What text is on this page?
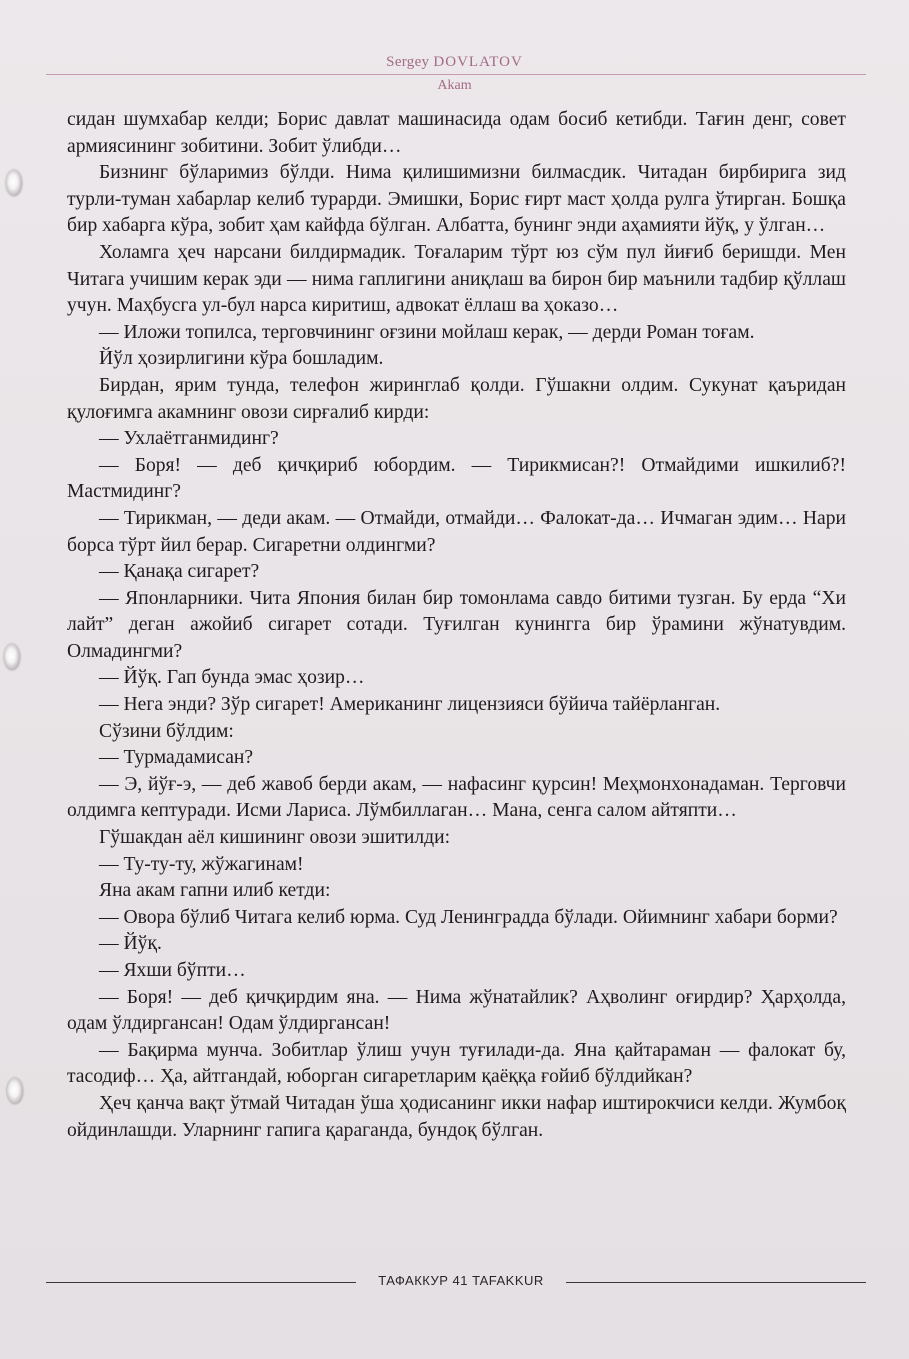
Sergey DOVLATOV
Akam

сидан шумхабар келди; Борис давлат машинасида одам босиб кетибди. Тағин денг, совет армиясининг зобитини. Зобит ўлибди…

Бизнинг бўларимиз бўлди. Нима қилишимизни билмасдик. Читадан бирбирига зид турли-туман хабарлар келиб турарди. Эмишки, Борис ғирт маст ҳолда рулга ўтирган. Бошқа бир хабарга кўра, зобит ҳам кайфда бўлган. Албатта, бунинг энди аҳамияти йўқ, у ўлган…

Холамга ҳеч нарсани билдирмадик. Тоғаларим тўрт юз сўм пул йиғиб беришди. Мен Читага учишим керак эди — нима гаплигини аниқлаш ва бирон бир маънили тадбир қўллаш учун. Маҳбусга ул-бул нарса киритиш, адвокат ёллаш ва ҳоказо…

— Иложи топилса, терговчининг оғзини мойлаш керак, — дерди Роман тоғам.

Йўл ҳозирлигини кўра бошладим.

Бирдан, ярим тунда, телефон жиринглаб қолди. Гўшакни олдим. Сукунат қаъридан қулоғимга акамнинг овози сирғалиб кирди:

— Ухлаётганмидинг?

— Боря! — деб қичқириб юбордим. — Тирикмисан?! Отмайдими ишкилиб?! Мастмидинг?

— Тирикман, — деди акам. — Отмайди, отмайди… Фалокат-да… Ичмаган эдим… Нари борса тўрт йил берар. Сигаретни олдингми?

— Қанақа сигарет?

— Японларники. Чита Япония билан бир томонлама савдо битими тузган. Бу ерда “Хи лайт” деган ажойиб сигарет сотади. Туғилган кунингга бир ўрамини жўнатувдим. Олмадингми?

— Йўқ. Гап бунда эмас ҳозир…

— Нега энди? Зўр сигарет! Американинг лицензияси бўйича тайёрланган.

Сўзини бўлдим:

— Турмадамисан?

— Э, йўғ-э, — деб жавоб берди акам, — нафасинг қурсин! Меҳмонхонадаман. Терговчи олдимга кептуради. Исми Лариса. Лўмбиллаган… Мана, сенга салом айтяпти…

Гўшакдан аёл кишининг овози эшитилди:

— Ту-ту-ту, жўжагинам!

Яна акам гапни илиб кетди:

— Овора бўлиб Читага келиб юрма. Суд Ленинградда бўлади. Ойимнинг хабари борми?

— Йўқ.

— Яхши бўпти…

— Боря! — деб қичқирдим яна. — Нима жўнатайлик? Аҳволинг оғирдир? Ҳарҳолда, одам ўлдиргансан! Одам ўлдиргансан!

— Бақирма мунча. Зобитлар ўлиш учун туғилади-да. Яна қайтараман — фалокат бу, тасодиф… Ҳа, айтгандай, юборган сигаретларим қаёққа ғойиб бўлдийкан?

Ҳеч қанча вақт ўтмай Читадан ўша ҳодисанинг икки нафар иштирокчиси келди. Жумбоқ ойдинлашди. Уларнинг гапига қараганда, бундоқ бўлган.

ТАФАККУР 41 TAFAKKUR
